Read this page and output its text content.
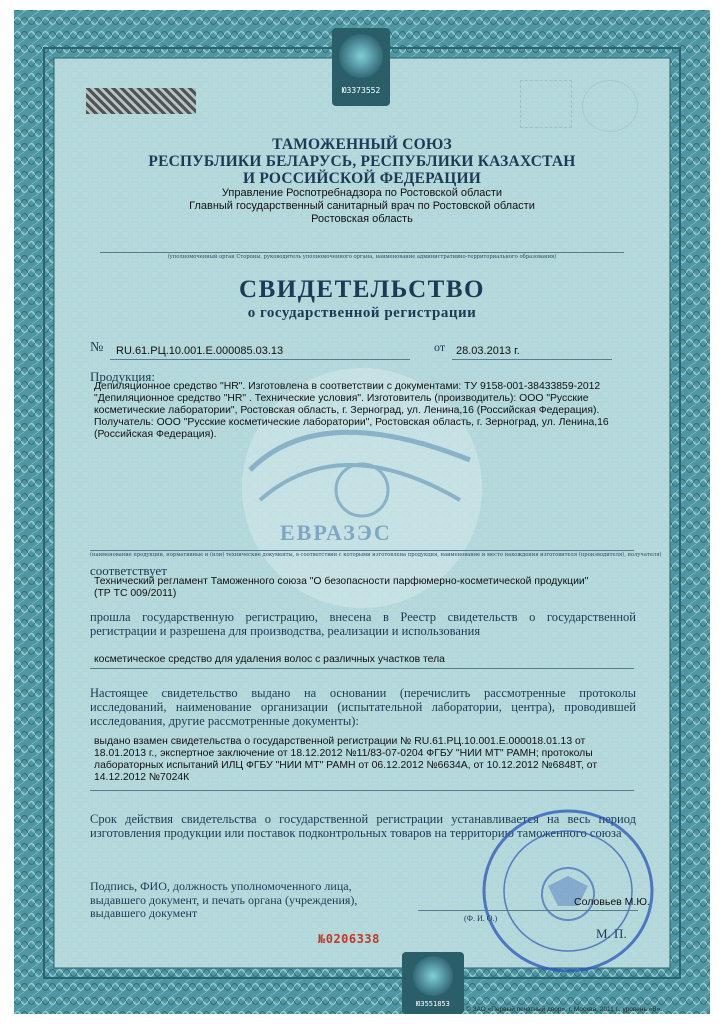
Ю3373552
ТАМОЖЕННЫЙ СОЮЗ
РЕСПУБЛИКИ БЕЛАРУСЬ, РЕСПУБЛИКИ КАЗАХСТАН
И РОССИЙСКОЙ ФЕДЕРАЦИИ
Управление Роспотребнадзора по Ростовской области
Главный государственный санитарный врач по Ростовской области
Ростовская область
(уполномоченный орган Стороны, руководитель уполномоченного органа, наименование административно-территориального образования)
СВИДЕТЕЛЬСТВО
о государственной регистрации
№ RU.61.РЦ.10.001.Е.000085.03.13	от 28.03.2013 г.
Продукция:
Депиляционное средство "HR". Изготовлена в соответствии с документами: ТУ 9158-001-38433859-2012
"Депиляционное средство "HR" . Технические условия". Изготовитель (производитель): ООО "Русские
косметические лаборатории", Ростовская область, г. Зерноград, ул. Ленина,16 (Российская Федерация).
Получатель: ООО "Русские косметические лаборатории", Ростовская область, г. Зерноград, ул. Ленина,16
(Российская Федерация).
ЕВРАЗЭС
(наименование продукции, нормативные и (или) технические документы, в соответствии с которыми изготовлена продукция, наименование и место нахождения изготовителя (производителя), получателя)
соответствует
Технический регламент Таможенного союза "О безопасности парфюмерно-косметической продукции"
(ТР ТС 009/2011)
прошла государственную регистрацию, внесена в Реестр свидетельств о государственной регистрации и разрешена для производства, реализации и использования
косметическое средство для удаления волос с различных участков тела
Настоящее свидетельство выдано на основании (перечислить рассмотренные протоколы исследований, наименование организации (испытательной лаборатории, центра), проводившей исследования, другие рассмотренные документы):
выдано взамен свидетельства о государственной регистрации № RU.61.РЦ.10.001.Е.000018.01.13 от
18.01.2013 г., экспертное заключение от 18.12.2012 №11/83-07-0204 ФГБУ "НИИ МТ" РАМН; протоколы
лабораторных испытаний ИЛЦ ФГБУ "НИИ МТ" РАМН от 06.12.2012 №6634А, от 10.12.2012 №6848Т, от
14.12.2012 №7024К
Срок действия свидетельства о государственной регистрации устанавливается на весь период изготовления продукции или поставок подконтрольных товаров на территорию таможенного союза
Подпись, ФИО, должность уполномоченного лица, выдавшего документ, и печать органа (учреждения), выдавшего документ
Соловьев М.Ю.
(Ф. И. О.)
М. П.
№0206338
Ю3551853
© ЗАО «Первый печатный двор», г. Москва, 2011 г., уровень «В».
